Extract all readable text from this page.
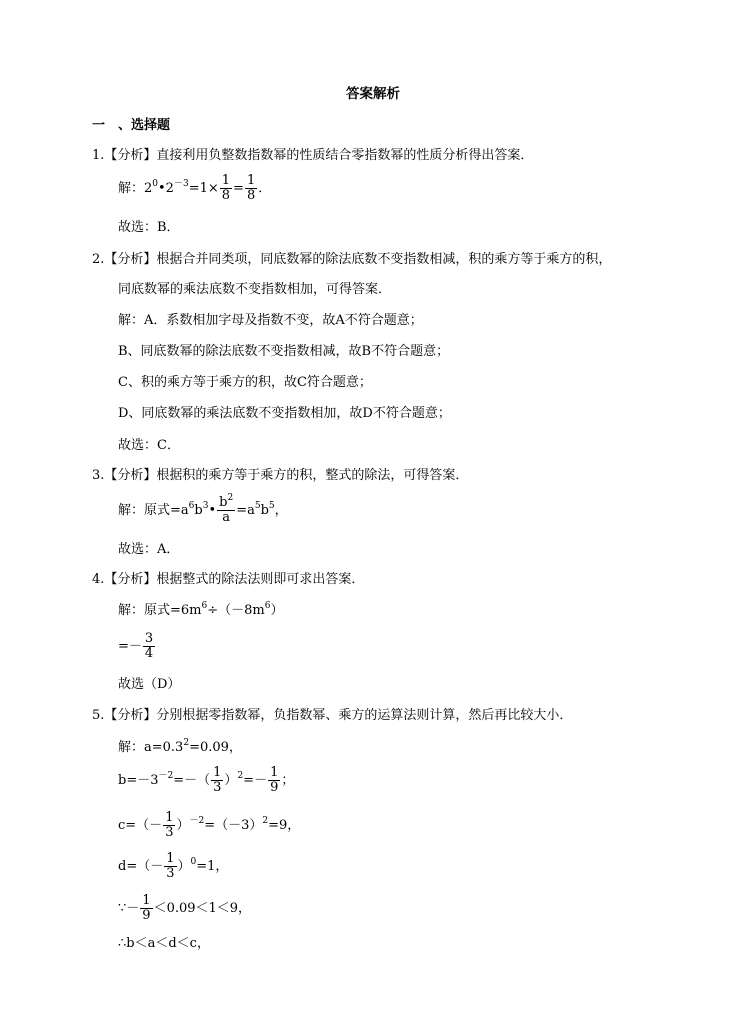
答案解析
一 、选择题
1.【分析】直接利用负整数指数幂的性质结合零指数幂的性质分析得出答案．
解：$2^0•2^{-3}=1\times \frac{1}{8} = \frac{1}{8}$ ．
故选：B．
2.【分析】根据合并同类项，同底数幂的除法底数不变指数相减，积的乘方等于乘方的积，
同底数幂的乘法底数不变指数相加，可得答案．
解：A．系数相加字母及指数不变，故A不符合题意；
B、同底数幂的除法底数不变指数相减，故B不符合题意；
C、积的乘方等于乘方的积，故C符合题意；
D、同底数幂的乘法底数不变指数相加，故D不符合题意；
故选：C．
3.【分析】根据积的乘方等于乘方的积，整式的除法，可得答案．
解：原式$=a^6b^3• \frac{b^2}{a} =a^5b^5$，
故选：A．
4.【分析】根据整式的除法法则即可求出答案．
解：原式$=6m^6\div(-8m^6)$
=－ $\frac{3}{4}$
故选（D）
5.【分析】分别根据零指数幂，负指数幂、乘方的运算法则计算，然后再比较大小．
解：$a=0.3^2=0.09$，
$b=-3^{-2}=-( \frac{1}{3} )^2=- \frac{1}{9}$ ；
$c=(- \frac{1}{3} )^{-2}=(-3)^2=9$，
$d=(- \frac{1}{3} )^0=1$，
∵－ $\frac{1}{9} <0.09<1<9$，
∴b＜a＜d＜c，
